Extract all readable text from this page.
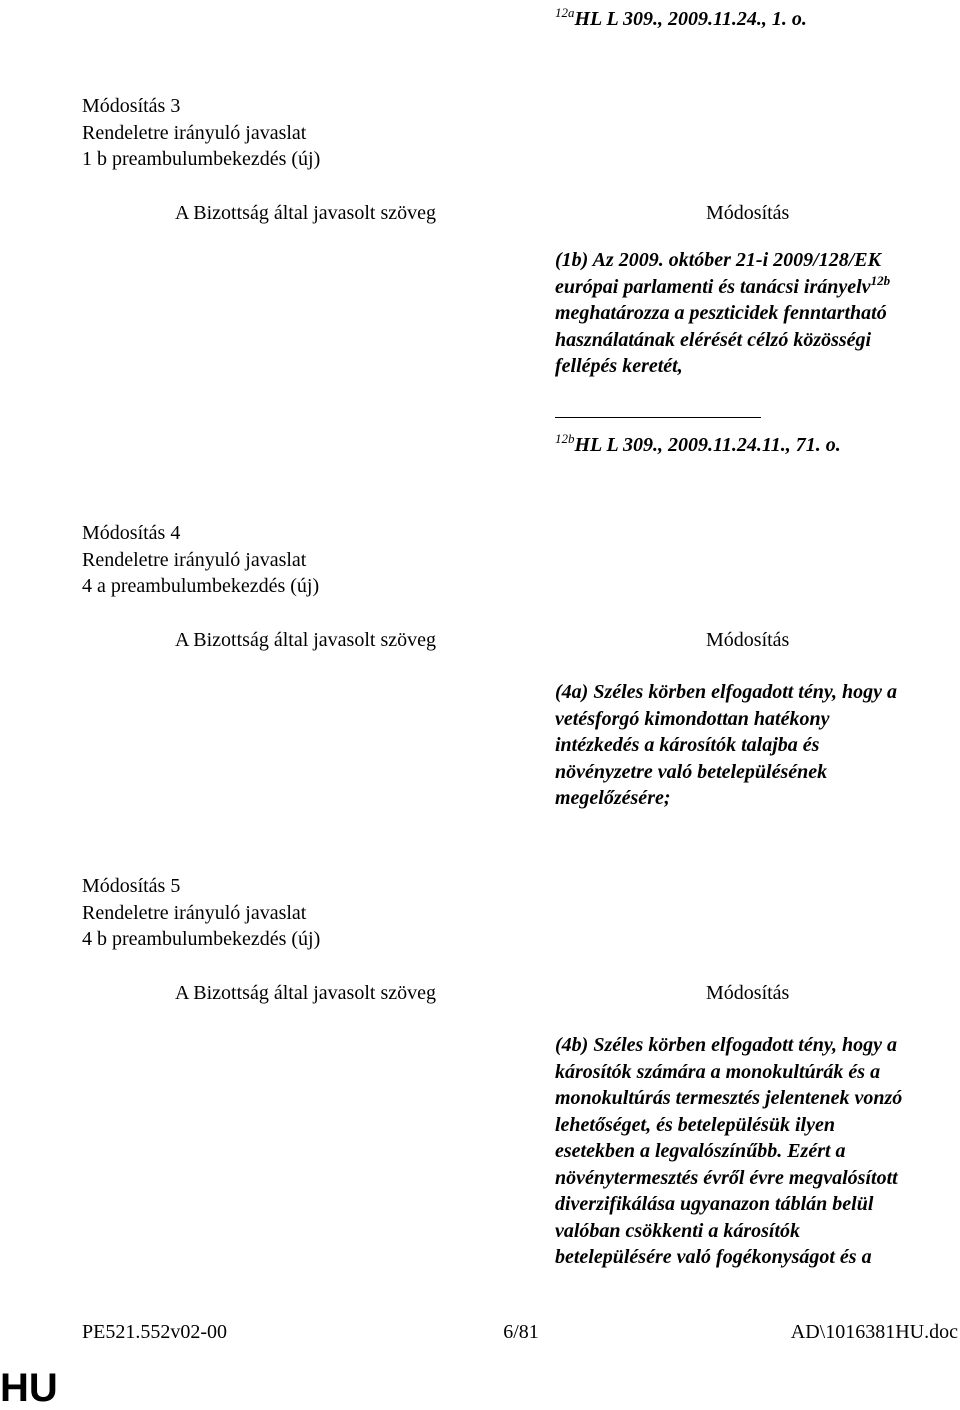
$^{12a}$HL L 309., 2009.11.24., 1. o.
Módosítás 3
Rendeletre irányuló javaslat
1 b preambulumbekezdés (új)
A Bizottság által javasolt szöveg	Módosítás
(1b) Az 2009. október 21-i 2009/128/EK
európai parlamenti és tanácsi irányelv$^{12b}$
meghatározza a peszticidek fenntartható
használatának elérését célzó közösségi
fellépés keretét,
$^{12b}$HL L 309., 2009.11.24.11., 71. o.
Módosítás 4
Rendeletre irányuló javaslat
4 a preambulumbekezdés (új)
A Bizottság által javasolt szöveg	Módosítás
(4a) Széles körben elfogadott tény, hogy a
vetésforgó kimondottan hatékony
intézkedés a károsítók talajba és
növényzetre való betelepülésének
megelőzésére;
Módosítás 5
Rendeletre irányuló javaslat
4 b preambulumbekezdés (új)
A Bizottság által javasolt szöveg	Módosítás
(4b) Széles körben elfogadott tény, hogy a
károsítók számára a monokultúrák és a
monokultúrás termesztés jelentenek vonzó
lehetőséget, és betelepülésük ilyen
esetekben a legvalószínűbb. Ezért a
növénytermesztés évről évre megvalósított
diverzifikálása ugyanazon táblán belül
valóban csökkenti a károsítók
betelepülésére való fogékonyságot és a
PE521.552v02-00	6/81	AD\1016381HU.doc
HU
